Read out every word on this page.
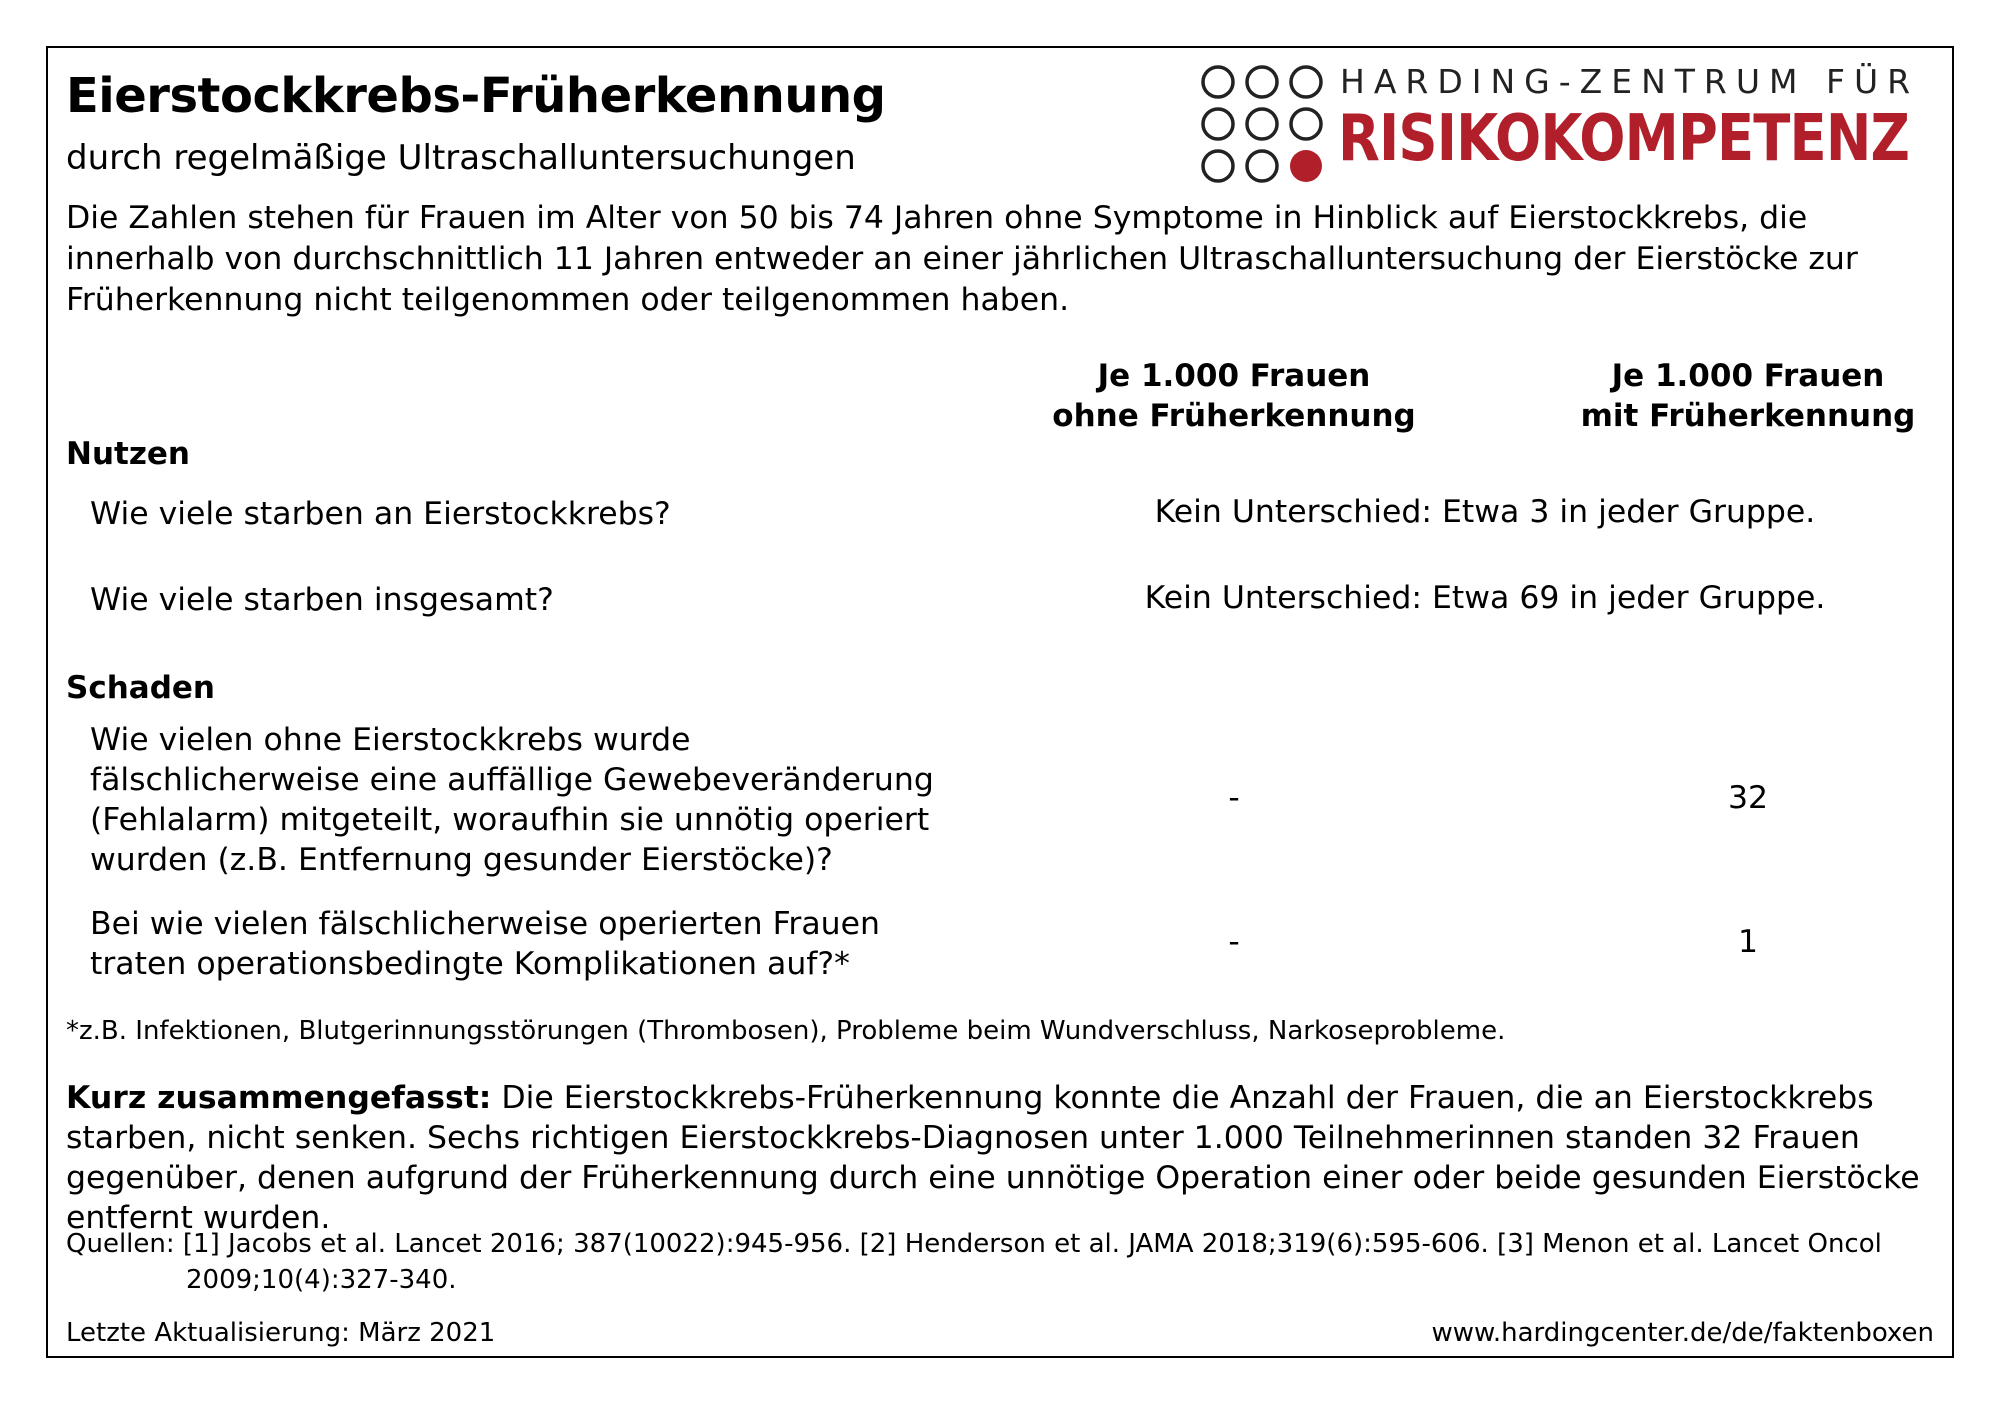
Eierstockkrebs-Früherkennung
durch regelmäßige Ultraschalluntersuchungen
HARDING-ZENTRUM FÜR
RISIKOKOMPETENZ
Die Zahlen stehen für Frauen im Alter von 50 bis 74 Jahren ohne Symptome in Hinblick auf Eierstockkrebs, die innerhalb von durchschnittlich 11 Jahren entweder an einer jährlichen Ultraschalluntersuchung der Eierstöcke zur Früherkennung nicht teilgenommen oder teilgenommen haben.
Je 1.000 Frauen
ohne Früherkennung
Je 1.000 Frauen
mit Früherkennung
Nutzen
Wie viele starben an Eierstockkrebs?	Kein Unterschied: Etwa 3 in jeder Gruppe.
Wie viele starben insgesamt?	Kein Unterschied: Etwa 69 in jeder Gruppe.
Schaden
Wie vielen ohne Eierstockkrebs wurde
fälschlicherweise eine auffällige Gewebeveränderung
(Fehlalarm) mitgeteilt, woraufhin sie unnötig operiert
wurden (z.B. Entfernung gesunder Eierstöcke)?
-	32
Bei wie vielen fälschlicherweise operierten Frauen
traten operationsbedingte Komplikationen auf?*
-	1
*z.B. Infektionen, Blutgerinnungsstörungen (Thrombosen), Probleme beim Wundverschluss, Narkoseprobleme.
Kurz zusammengefasst: Die Eierstockkrebs-Früherkennung konnte die Anzahl der Frauen, die an Eierstockkrebs starben, nicht senken. Sechs richtigen Eierstockkrebs-Diagnosen unter 1.000 Teilnehmerinnen standen 32 Frauen gegenüber, denen aufgrund der Früherkennung durch eine unnötige Operation einer oder beide gesunden Eierstöcke entfernt wurden.
Quellen: [1] Jacobs et al. Lancet 2016; 387(10022):945-956. [2] Henderson et al. JAMA 2018;319(6):595-606. [3] Menon et al. Lancet Oncol
2009;10(4):327-340.
Letzte Aktualisierung: März 2021	www.hardingcenter.de/de/faktenboxen
